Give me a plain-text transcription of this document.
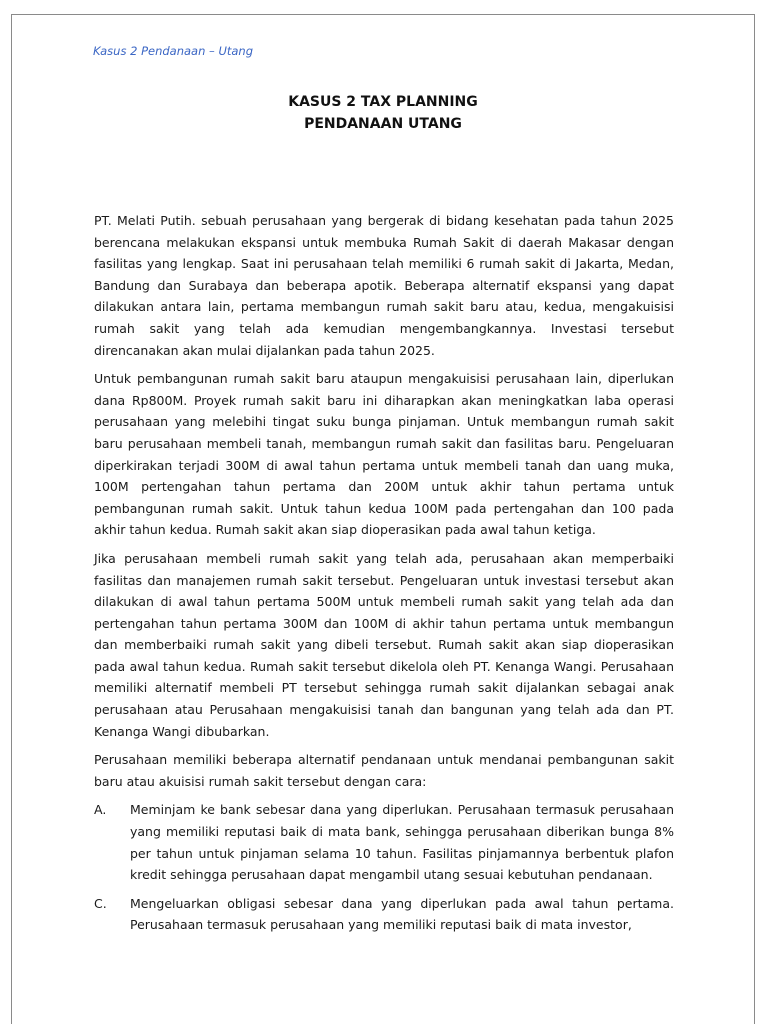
Kasus 2 Pendanaan – Utang
KASUS 2 TAX PLANNING
PENDANAAN UTANG

PT. Melati Putih. sebuah perusahaan yang bergerak di bidang kesehatan pada tahun 2025 berencana melakukan ekspansi untuk membuka Rumah Sakit di daerah Makasar dengan fasilitas yang lengkap. Saat ini perusahaan telah memiliki 6 rumah sakit di Jakarta, Medan, Bandung dan Surabaya dan beberapa apotik. Beberapa alternatif ekspansi yang dapat dilakukan antara lain, pertama membangun rumah sakit baru atau, kedua, mengakuisisi rumah sakit yang telah ada kemudian mengembangkannya. Investasi tersebut direncanakan akan mulai dijalankan pada tahun 2025.

Untuk pembangunan rumah sakit baru ataupun mengakuisisi perusahaan lain, diperlukan dana Rp800M. Proyek rumah sakit baru ini diharapkan akan meningkatkan laba operasi perusahaan yang melebihi tingat suku bunga pinjaman. Untuk membangun rumah sakit baru perusahaan membeli tanah, membangun rumah sakit dan fasilitas baru. Pengeluaran diperkirakan terjadi 300M di awal tahun pertama untuk membeli tanah dan uang muka, 100M pertengahan tahun pertama dan 200M untuk akhir tahun pertama untuk pembangunan rumah sakit. Untuk tahun kedua 100M pada pertengahan dan 100 pada akhir tahun kedua. Rumah sakit akan siap dioperasikan pada awal tahun ketiga.

Jika perusahaan membeli rumah sakit yang telah ada, perusahaan akan memperbaiki fasilitas dan manajemen rumah sakit tersebut. Pengeluaran untuk investasi tersebut akan dilakukan di awal tahun pertama 500M untuk membeli rumah sakit yang telah ada dan pertengahan tahun pertama 300M dan 100M di akhir tahun pertama untuk membangun dan memberbaiki rumah sakit yang dibeli tersebut. Rumah sakit akan siap dioperasikan pada awal tahun kedua. Rumah sakit tersebut dikelola oleh PT. Kenanga Wangi. Perusahaan memiliki alternatif membeli PT tersebut sehingga rumah sakit dijalankan sebagai anak perusahaan atau Perusahaan mengakuisisi tanah dan bangunan yang telah ada dan PT. Kenanga Wangi dibubarkan.

Perusahaan memiliki beberapa alternatif pendanaan untuk mendanai pembangunan sakit baru atau akuisisi rumah sakit tersebut dengan cara:

A.	Meminjam ke bank sebesar dana yang diperlukan. Perusahaan termasuk perusahaan yang memiliki reputasi baik di mata bank, sehingga perusahaan diberikan bunga 8% per tahun untuk pinjaman selama 10 tahun. Fasilitas pinjamannya berbentuk plafon kredit sehingga perusahaan dapat mengambil utang sesuai kebutuhan pendanaan.
C.	Mengeluarkan obligasi sebesar dana yang diperlukan pada awal tahun pertama. Perusahaan termasuk perusahaan yang memiliki reputasi baik di mata investor,
